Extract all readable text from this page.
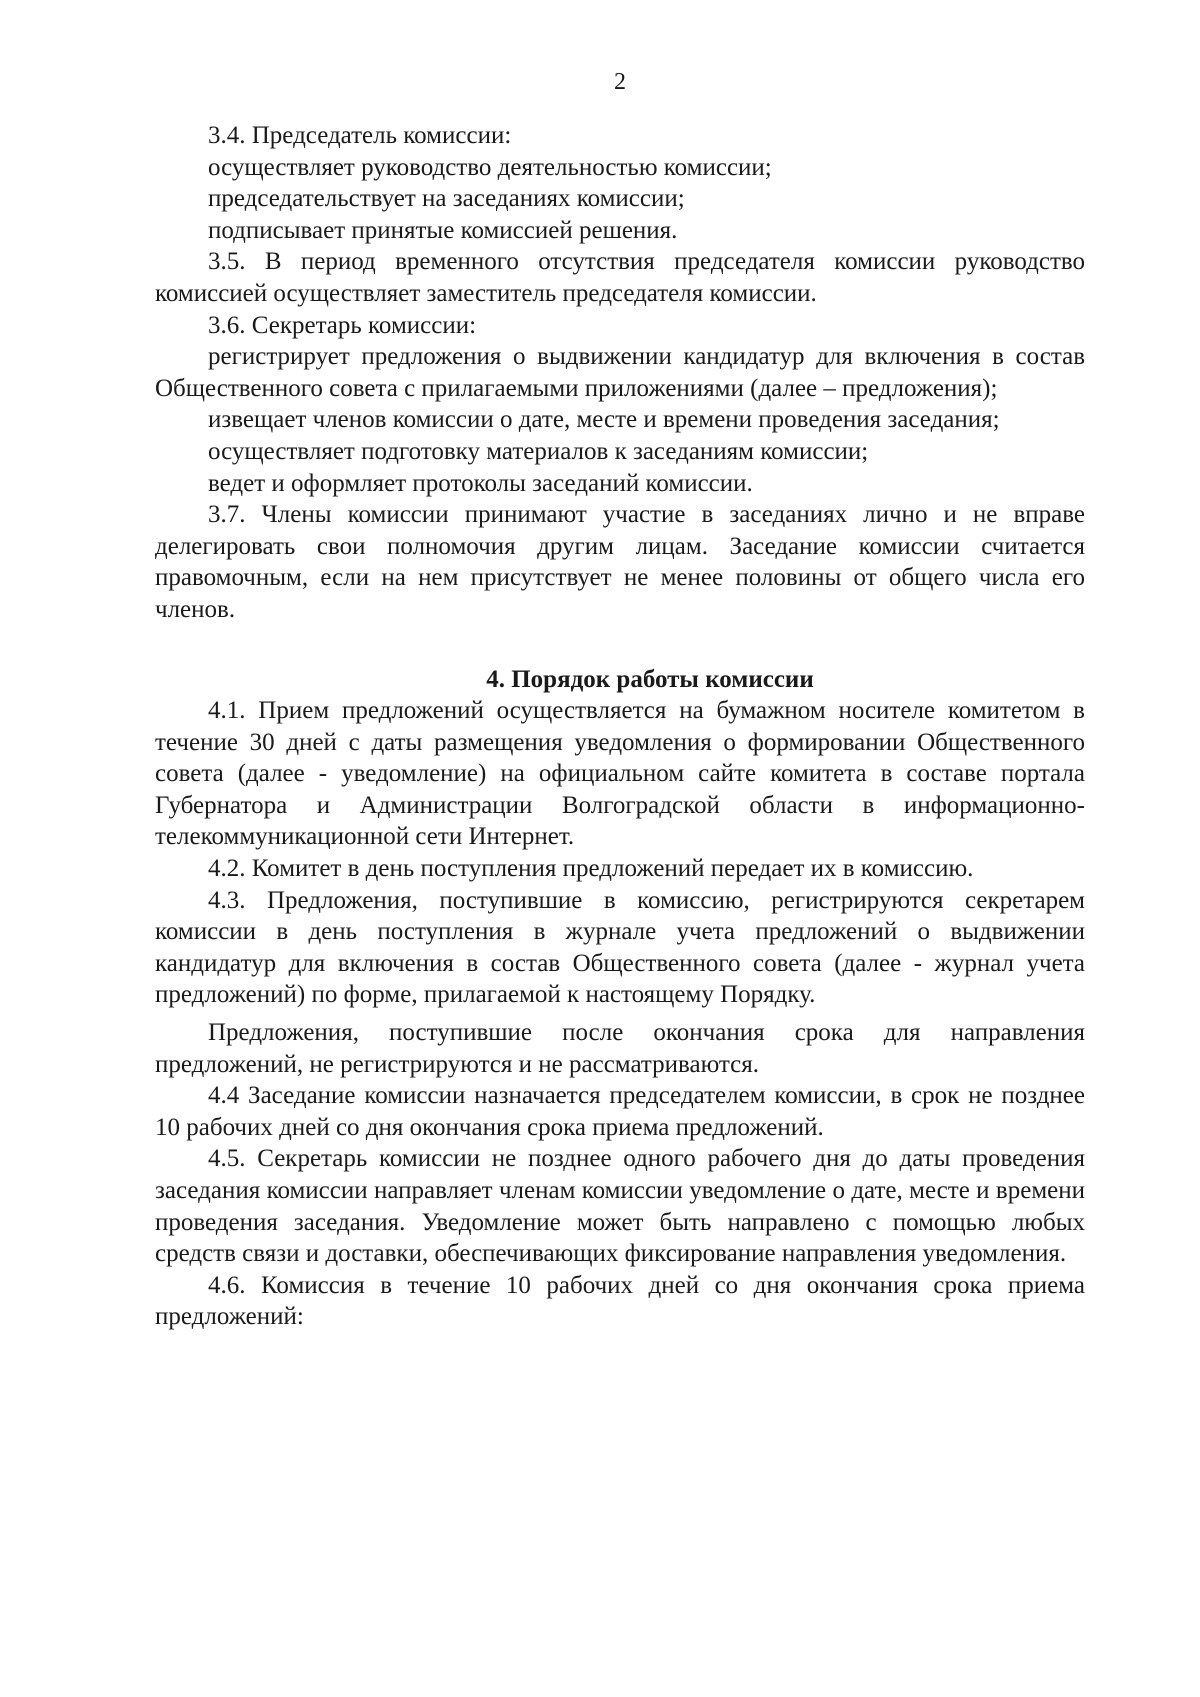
2

3.4. Председатель комиссии:

осуществляет руководство деятельностью комиссии;

председательствует на заседаниях комиссии;

подписывает принятые комиссией решения.

3.5. В период временного отсутствия председателя комиссии руководство комиссией осуществляет заместитель председателя комиссии.

3.6. Секретарь комиссии:

регистрирует предложения о выдвижении кандидатур для включения в состав Общественного совета с прилагаемыми приложениями (далее – предложения);

извещает членов комиссии о дате, месте и времени проведения заседания;

осуществляет подготовку материалов к заседаниям комиссии;

ведет и оформляет протоколы заседаний комиссии.

3.7. Члены комиссии принимают участие в заседаниях лично и не вправе делегировать свои полномочия другим лицам. Заседание комиссии считается правомочным, если на нем присутствует не менее половины от общего числа его членов.

4. Порядок работы комиссии

4.1. Прием предложений осуществляется на бумажном носителе комитетом в течение 30 дней с даты размещения уведомления о формировании Общественного совета (далее - уведомление) на официальном сайте комитета в составе портала Губернатора и Администрации Волгоградской области в информационно-телекоммуникационной сети Интернет.

4.2. Комитет в день поступления предложений передает их в комиссию.

4.3. Предложения, поступившие в комиссию, регистрируются секретарем комиссии в день поступления в журнале учета предложений о выдвижении кандидатур для включения в состав Общественного совета (далее - журнал учета предложений) по форме, прилагаемой к настоящему Порядку.

Предложения, поступившие после окончания срока для направления предложений, не регистрируются и не рассматриваются.

4.4 Заседание комиссии назначается председателем комиссии, в срок не позднее 10 рабочих дней со дня окончания срока приема предложений.

4.5. Секретарь комиссии не позднее одного рабочего дня до даты проведения заседания комиссии направляет членам комиссии уведомление о дате, месте и времени проведения заседания. Уведомление может быть направлено с помощью любых средств связи и доставки, обеспечивающих фиксирование направления уведомления.

4.6. Комиссия в течение 10 рабочих дней со дня окончания срока приема предложений:
